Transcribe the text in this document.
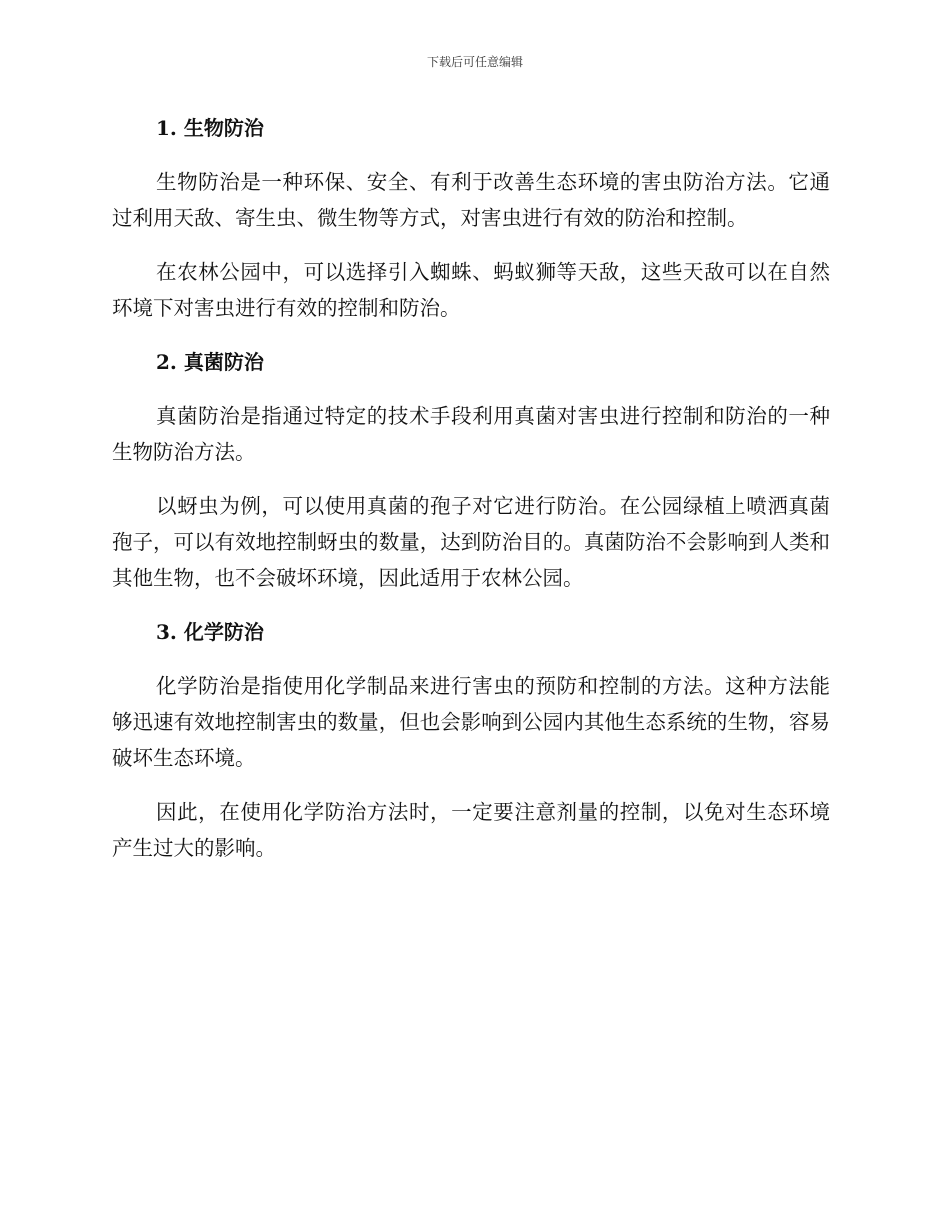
下载后可任意编辑
1. 生物防治

生物防治是一种环保、安全、有利于改善生态环境的害虫防治方法。它通过利用天敌、寄生虫、微生物等方式，对害虫进行有效的防治和控制。

在农林公园中，可以选择引入蜘蛛、蚂蚁狮等天敌，这些天敌可以在自然环境下对害虫进行有效的控制和防治。

2. 真菌防治

真菌防治是指通过特定的技术手段利用真菌对害虫进行控制和防治的一种生物防治方法。

以蚜虫为例，可以使用真菌的孢子对它进行防治。在公园绿植上喷洒真菌孢子，可以有效地控制蚜虫的数量，达到防治目的。真菌防治不会影响到人类和其他生物，也不会破坏环境，因此适用于农林公园。

3. 化学防治

化学防治是指使用化学制品来进行害虫的预防和控制的方法。这种方法能够迅速有效地控制害虫的数量，但也会影响到公园内其他生态系统的生物，容易破坏生态环境。

因此，在使用化学防治方法时，一定要注意剂量的控制，以免对生态环境产生过大的影响。
